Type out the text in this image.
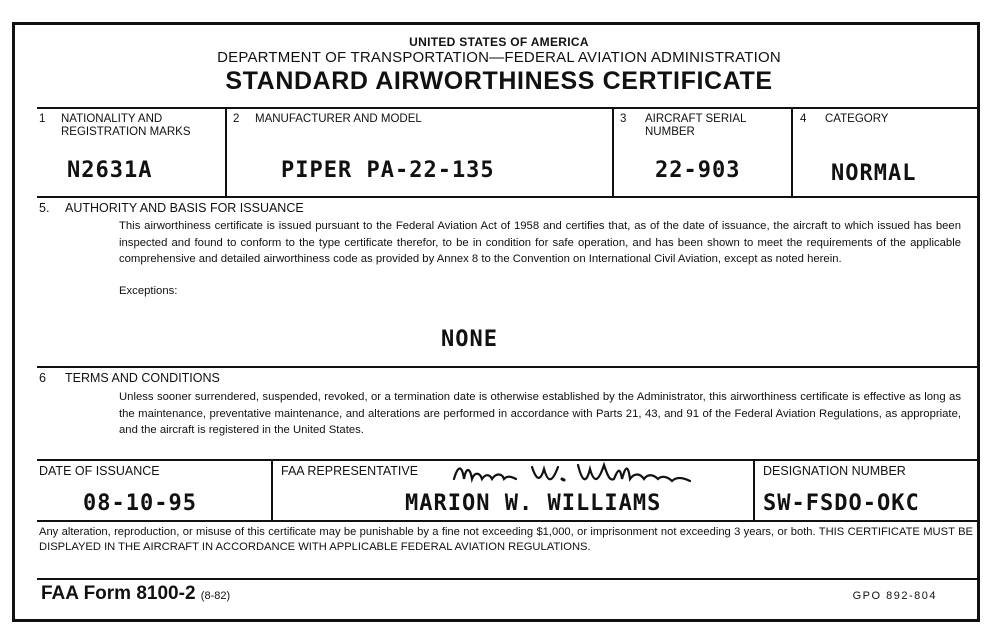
UNITED STATES OF AMERICA
DEPARTMENT OF TRANSPORTATION—FEDERAL AVIATION ADMINISTRATION
STANDARD AIRWORTHINESS CERTIFICATE
1 NATIONALITY AND
REGISTRATION MARKS
N2631A
2 MANUFACTURER AND MODEL
PIPER PA-22-135
3 AIRCRAFT SERIAL
NUMBER
22-903
4 CATEGORY
NORMAL
5. AUTHORITY AND BASIS FOR ISSUANCE
This airworthiness certificate is issued pursuant to the Federal Aviation Act of 1958 and certifies that, as of the date of issuance, the aircraft to which issued has been inspected and found to conform to the type certificate therefor, to be in condition for safe operation, and has been shown to meet the requirements of the applicable comprehensive and detailed airworthiness code as provided by Annex 8 to the Convention on International Civil Aviation, except as noted herein.
Exceptions:
NONE
6 TERMS AND CONDITIONS
Unless sooner surrendered, suspended, revoked, or a termination date is otherwise established by the Administrator, this airworthiness certificate is effective as long as the maintenance, preventative maintenance, and alterations are performed in accordance with Parts 21, 43, and 91 of the Federal Aviation Regulations, as appropriate, and the aircraft is registered in the United States.
DATE OF ISSUANCE
08-10-95
FAA REPRESENTATIVE
MARION W. WILLIAMS
DESIGNATION NUMBER
SW-FSDO-OKC
Any alteration, reproduction, or misuse of this certificate may be punishable by a fine not exceeding $1,000, or imprisonment not exceeding 3 years, or both. THIS CERTIFICATE MUST BE DISPLAYED IN THE AIRCRAFT IN ACCORDANCE WITH APPLICABLE FEDERAL AVIATION REGULATIONS.
FAA Form 8100-2 (8-82)	GPO 892-804
